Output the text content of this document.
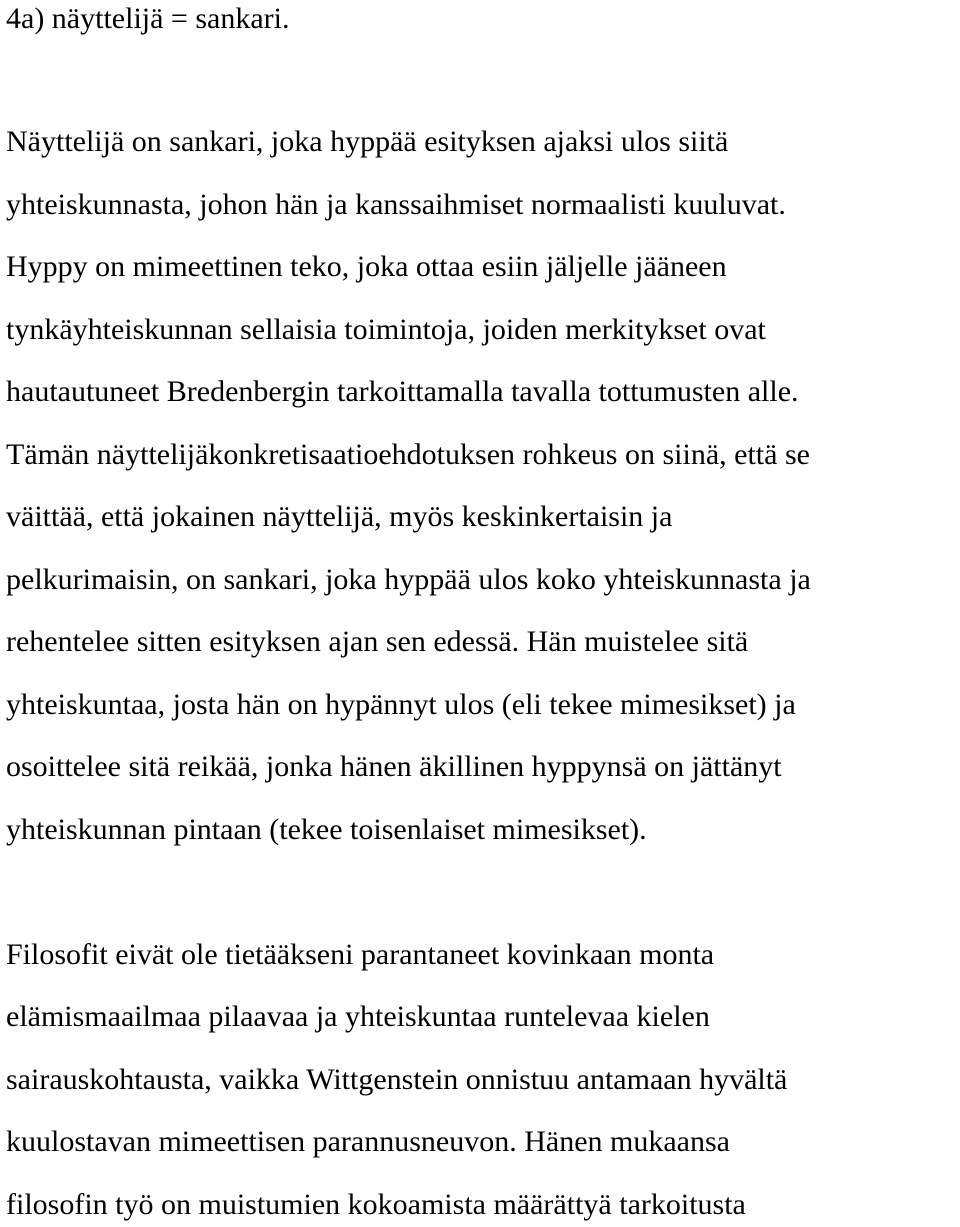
4a) näyttelijä = sankari.
Näyttelijä on sankari, joka hyppää esityksen ajaksi ulos siitä
yhteiskunnasta, johon hän ja kanssaihmiset normaalisti kuuluvat.
Hyppy on mimeettinen teko, joka ottaa esiin jäljelle jääneen
tynkäyhteiskunnan sellaisia toimintoja, joiden merkitykset ovat
hautautuneet Bredenbergin tarkoittamalla tavalla tottumusten alle.
Tämän näyttelijäkonkretisaatioehdotuksen rohkeus on siinä, että se
väittää, että jokainen näyttelijä, myös keskinkertaisin ja
pelkurimaisin, on sankari, joka hyppää ulos koko yhteiskunnasta ja
rehentelee sitten esityksen ajan sen edessä. Hän muistelee sitä
yhteiskuntaa, josta hän on hypännyt ulos (eli tekee mimesikset) ja
osoittelee sitä reikää, jonka hänen äkillinen hyppynsä on jättänyt
yhteiskunnan pintaan (tekee toisenlaiset mimesikset).
Filosofit eivät ole tietääkseni parantaneet kovinkaan monta
elämismaailmaa pilaavaa ja yhteiskuntaa runtelevaa kielen
sairauskohtausta, vaikka Wittgenstein onnistuu antamaan hyvältä
kuulostavan mimeettisen parannusneuvon. Hänen mukaansa
filosofin työ on muistumien kokoamista määrättyä tarkoitusta
